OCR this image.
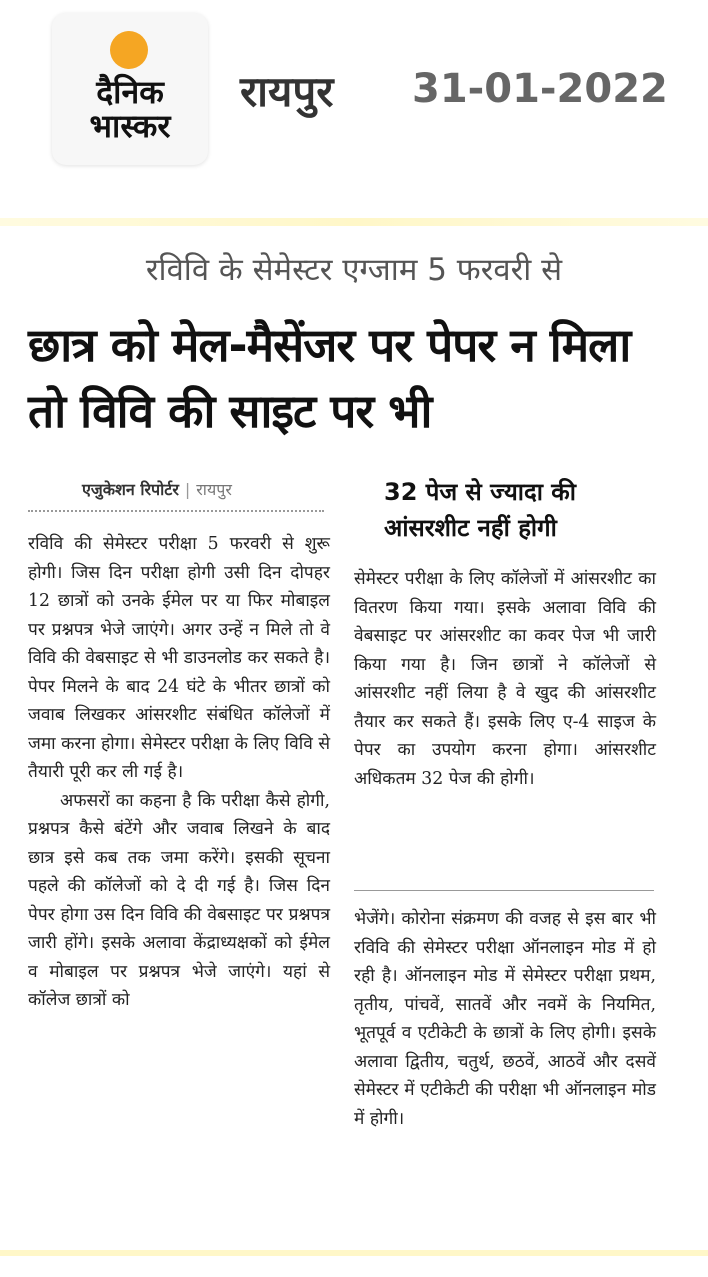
दैनिक भास्कर
रायपुर 31-01-2022
रविवि के सेमेस्टर एग्जाम 5 फरवरी से
छात्र को मेल-मैसेंजर पर पेपर न मिला तो विवि की साइट पर भी
एजुकेशन रिपोर्टर | रायपुर	32 पेज से ज्यादा की आंसरशीट नहीं होगी

रविवि की सेमेस्टर परीक्षा 5 फरवरी से शुरू होगी। जिस दिन परीक्षा होगी उसी दिन दोपहर 12 छात्रों को उनके ईमेल पर या फिर मोबाइल पर प्रश्नपत्र भेजे जाएंगे। अगर उन्हें न मिले तो वे विवि की वेबसाइट से भी डाउनलोड कर सकते है। पेपर मिलने के बाद 24 घंटे के भीतर छात्रों को जवाब लिखकर आंसरशीट संबंधित कॉलेजों में जमा करना होगा। सेमेस्टर परीक्षा के लिए विवि से तैयारी पूरी कर ली गई है।

अफसरों का कहना है कि परीक्षा कैसे होगी, प्रश्नपत्र कैसे बंटेंगे और जवाब लिखने के बाद छात्र इसे कब तक जमा करेंगे। इसकी सूचना पहले की कॉलेजों को दे दी गई है। जिस दिन पेपर होगा उस दिन विवि की वेबसाइट पर प्रश्नपत्र जारी होंगे। इसके अलावा केंद्राध्यक्षकों को ईमेल व मोबाइल पर प्रश्नपत्र भेजे जाएंगे। यहां से कॉलेज छात्रों को

सेमेस्टर परीक्षा के लिए कॉलेजों में आंसरशीट का वितरण किया गया। इसके अलावा विवि की वेबसाइट पर आंसरशीट का कवर पेज भी जारी किया गया है। जिन छात्रों ने कॉलेजों से आंसरशीट नहीं लिया है वे खुद की आंसरशीट तैयार कर सकते हैं। इसके लिए ए-4 साइज के पेपर का उपयोग करना होगा। आंसरशीट अधिकतम 32 पेज की होगी।

भेजेंगे। कोरोना संक्रमण की वजह से इस बार भी रविवि की सेमेस्टर परीक्षा ऑनलाइन मोड में हो रही है। ऑनलाइन मोड में सेमेस्टर परीक्षा प्रथम, तृतीय, पांचवें, सातवें और नवमें के नियमित, भूतपूर्व व एटीकेटी के छात्रों के लिए होगी। इसके अलावा द्वितीय, चतुर्थ, छठवें, आठवें और दसवें सेमेस्टर में एटीकेटी की परीक्षा भी ऑनलाइन मोड में होगी।
